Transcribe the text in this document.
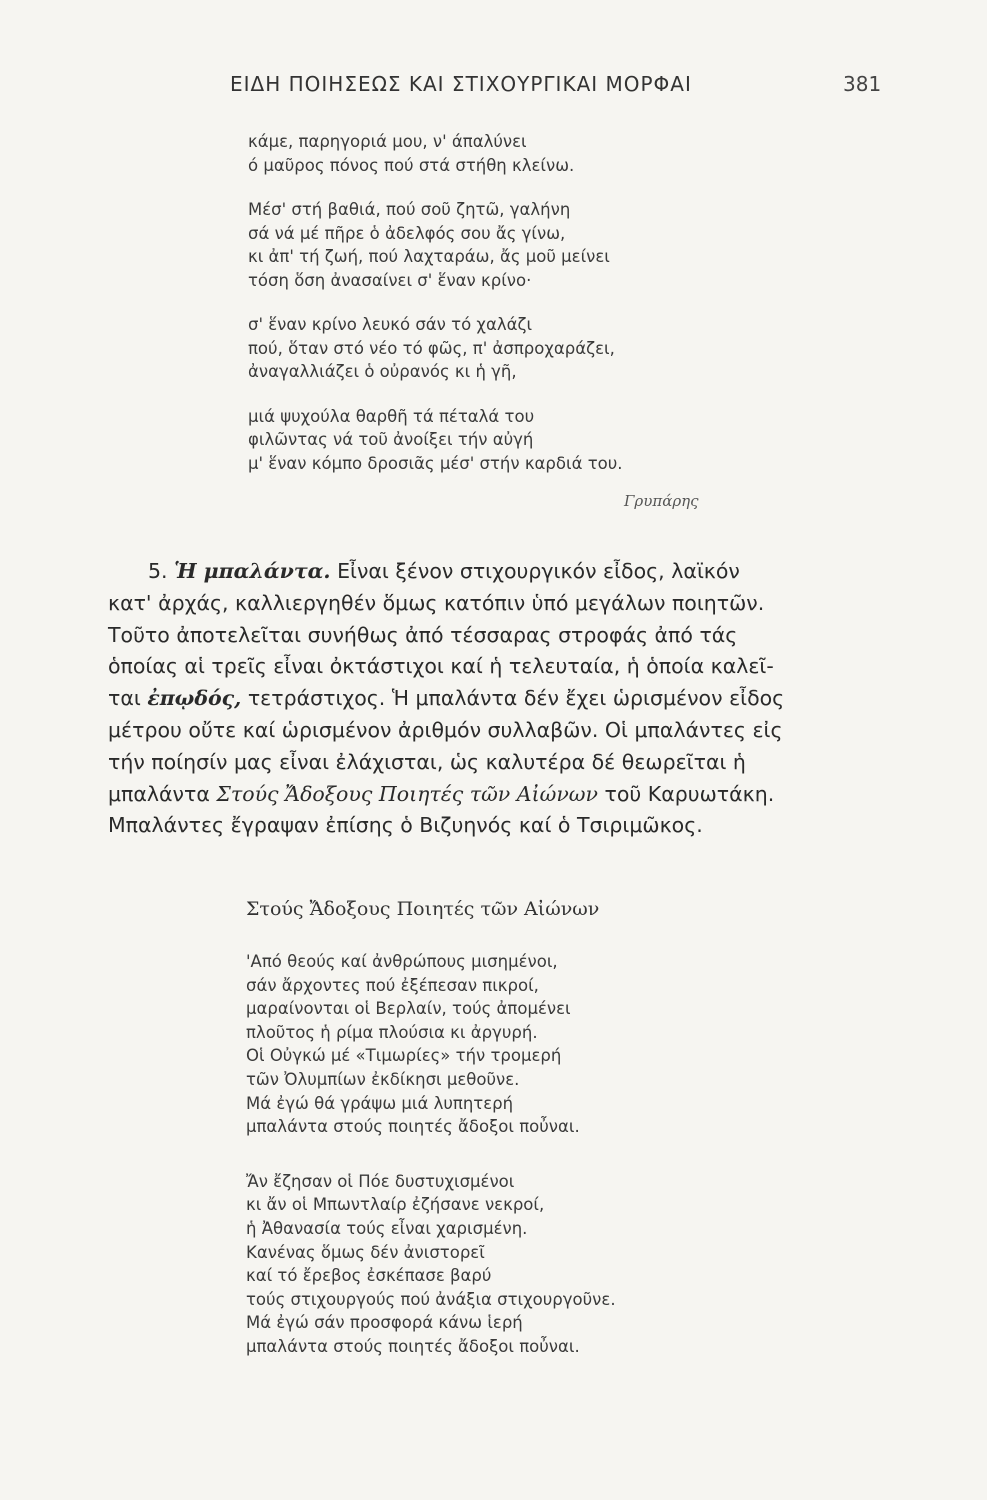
ΕΙΔΗ ΠΟΙΗΣΕΩΣ ΚΑΙ ΣΤΙΧΟΥΡΓΙΚΑΙ ΜΟΡΦΑΙ	381
κάμε, παρηγοριά μου, ν' άπαλύνει
ό μαῦρος πόνος πού στά στήθη κλείνω.
Μέσ' στή βαθιά, πού σοῦ ζητῶ, γαλήνη
σά νά μέ πῆρε ὁ ἀδελφός σου ἄς γίνω,
κι ἀπ' τή ζωή, πού λαχταράω, ἄς μοῦ μείνει
τόση ὅση ἀνασαίνει σ' ἕναν κρίνο·
σ' ἕναν κρίνο λευκό σάν τό χαλάζι
πού, ὅταν στό νέο τό φῶς, π' ἀσπροχαράζει,
ἀναγαλλιάζει ὁ οὐρανός κι ἡ γῆ,
μιά ψυχούλα θαρθῆ τά πέταλά του
φιλῶντας νά τοῦ ἀνοίξει τήν αὐγή
μ' ἕναν κόμπο δροσιᾶς μέσ' στήν καρδιά του.
Γρυπάρης
5. Ἡ μπαλάντα. Εἶναι ξένον στιχουργικόν εἶδος, λαϊκόν
κατ' ἀρχάς, καλλιεργηθέν ὅμως κατόπιν ὑπό μεγάλων ποιητῶν.
Τοῦτο ἀποτελεῖται συνήθως ἀπό τέσσαρας στροφάς ἀπό τάς
ὁποίας αἱ τρεῖς εἶναι ὀκτάστιχοι καί ἡ τελευταία, ἡ ὁποία καλεῖ-
ται ἐπῳδός, τετράστιχος. Ἡ μπαλάντα δέν ἔχει ὡρισμένον εἶδος
μέτρου οὔτε καί ὡρισμένον ἀριθμόν συλλαβῶν. Οἱ μπαλάντες εἰς
τήν ποίησίν μας εἶναι ἐλάχισται, ὡς καλυτέρα δέ θεωρεῖται ἡ
μπαλάντα Στούς Ἄδοξους Ποιητές τῶν Αἰώνων τοῦ Καρυωτάκη.
Μπαλάντες ἔγραψαν ἐπίσης ὁ Βιζυηνός καί ὁ Τσιριμῶκος.
Στούς Ἄδοξους Ποιητές τῶν Αἰώνων
'Από θεούς καί ἀνθρώπους μισημένοι,
σάν ἄρχοντες πού ἐξέπεσαν πικροί,
μαραίνονται οἱ Βερλαίν, τούς ἀπομένει
πλοῦτος ἡ ρίμα πλούσια κι ἀργυρή.
Οἱ Οὐγκώ μέ «Τιμωρίες» τήν τρομερή
τῶν Ὀλυμπίων ἐκδίκησι μεθοῦνε.
Μά ἐγώ θά γράψω μιά λυπητερή
μπαλάντα στούς ποιητές ἄδοξοι ποὖναι.
Ἄν ἔζησαν οἱ Πόε δυστυχισμένοι
κι ἄν οἱ Μπωντλαίρ ἐζήσανε νεκροί,
ἡ Ἀθανασία τούς εἶναι χαρισμένη.
Κανένας ὅμως δέν ἀνιστορεῖ
καί τό ἔρεβος ἐσκέπασε βαρύ
τούς στιχουργούς πού ἀνάξια στιχουργοῦνε.
Μά ἐγώ σάν προσφορά κάνω ἱερή
μπαλάντα στούς ποιητές ἄδοξοι ποὖναι.
